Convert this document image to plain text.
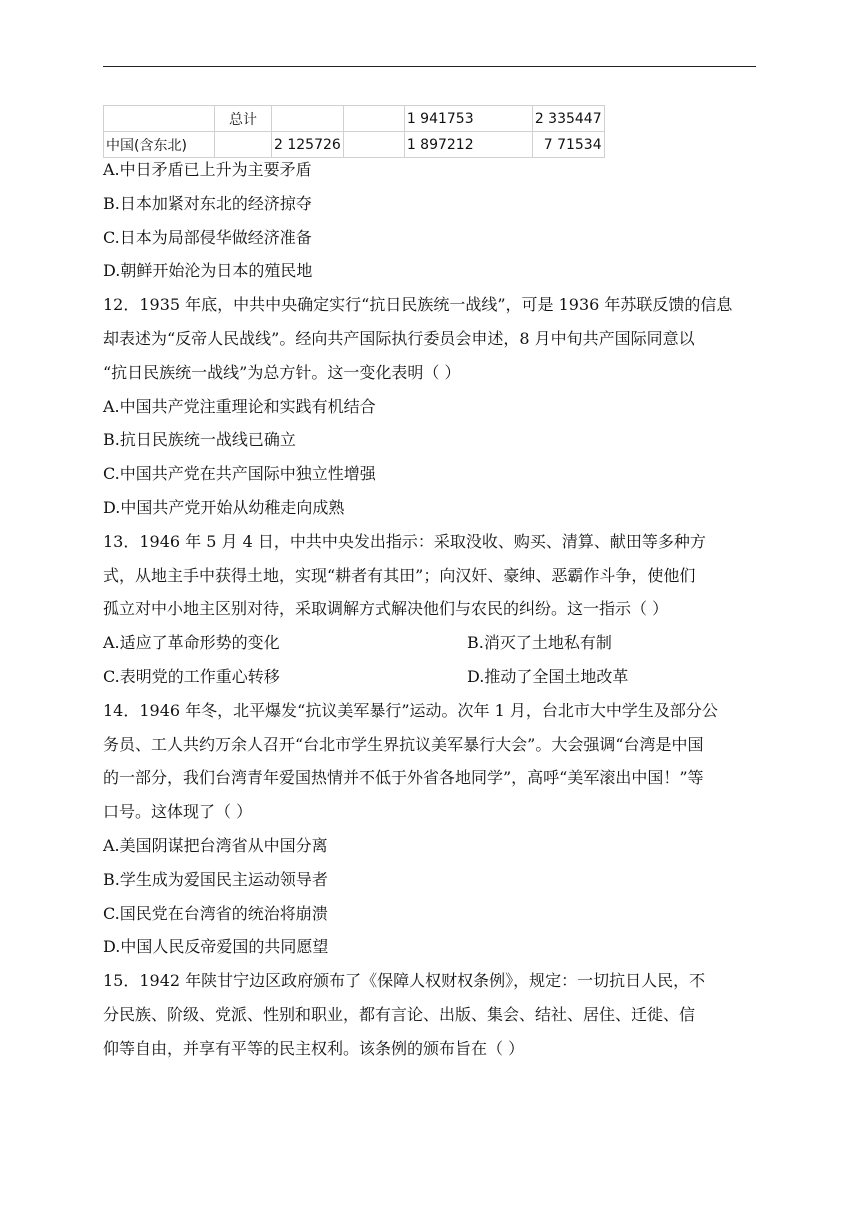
	总计			1 941753	2 335447
中国(含东北)		2 125726		1 897212	7 71534
A.中日矛盾已上升为主要矛盾
B.日本加紧对东北的经济掠夺
C.日本为局部侵华做经济准备
D.朝鲜开始沦为日本的殖民地
12．1935 年底，中共中央确定实行“抗日民族统一战线”，可是 1936 年苏联反馈的信息
却表述为“反帝人民战线”。经向共产国际执行委员会申述，8 月中旬共产国际同意以
“抗日民族统一战线”为总方针。这一变化表明（ ）
A.中国共产党注重理论和实践有机结合
B.抗日民族统一战线已确立
C.中国共产党在共产国际中独立性增强
D.中国共产党开始从幼稚走向成熟
13．1946 年 5 月 4 日，中共中央发出指示：采取没收、购买、清算、献田等多种方
式，从地主手中获得土地，实现“耕者有其田”；向汉奸、豪绅、恶霸作斗争，使他们
孤立对中小地主区别对待，采取调解方式解决他们与农民的纠纷。这一指示（ ）
A.适应了革命形势的变化	B.消灭了土地私有制
C.表明党的工作重心转移	D.推动了全国土地改革
14．1946 年冬，北平爆发“抗议美军暴行”运动。次年 1 月，台北市大中学生及部分公
务员、工人共约万余人召开“台北市学生界抗议美军暴行大会”。大会强调“台湾是中国
的一部分，我们台湾青年爱国热情并不低于外省各地同学”，高呼“美军滚出中国！”等
口号。这体现了（ ）
A.美国阴谋把台湾省从中国分离
B.学生成为爱国民主运动领导者
C.国民党在台湾省的统治将崩溃
D.中国人民反帝爱国的共同愿望
15．1942 年陕甘宁边区政府颁布了《保障人权财权条例》，规定：一切抗日人民，不
分民族、阶级、党派、性别和职业，都有言论、出版、集会、结社、居住、迁徙、信
仰等自由，并享有平等的民主权利。该条例的颁布旨在（ ）
